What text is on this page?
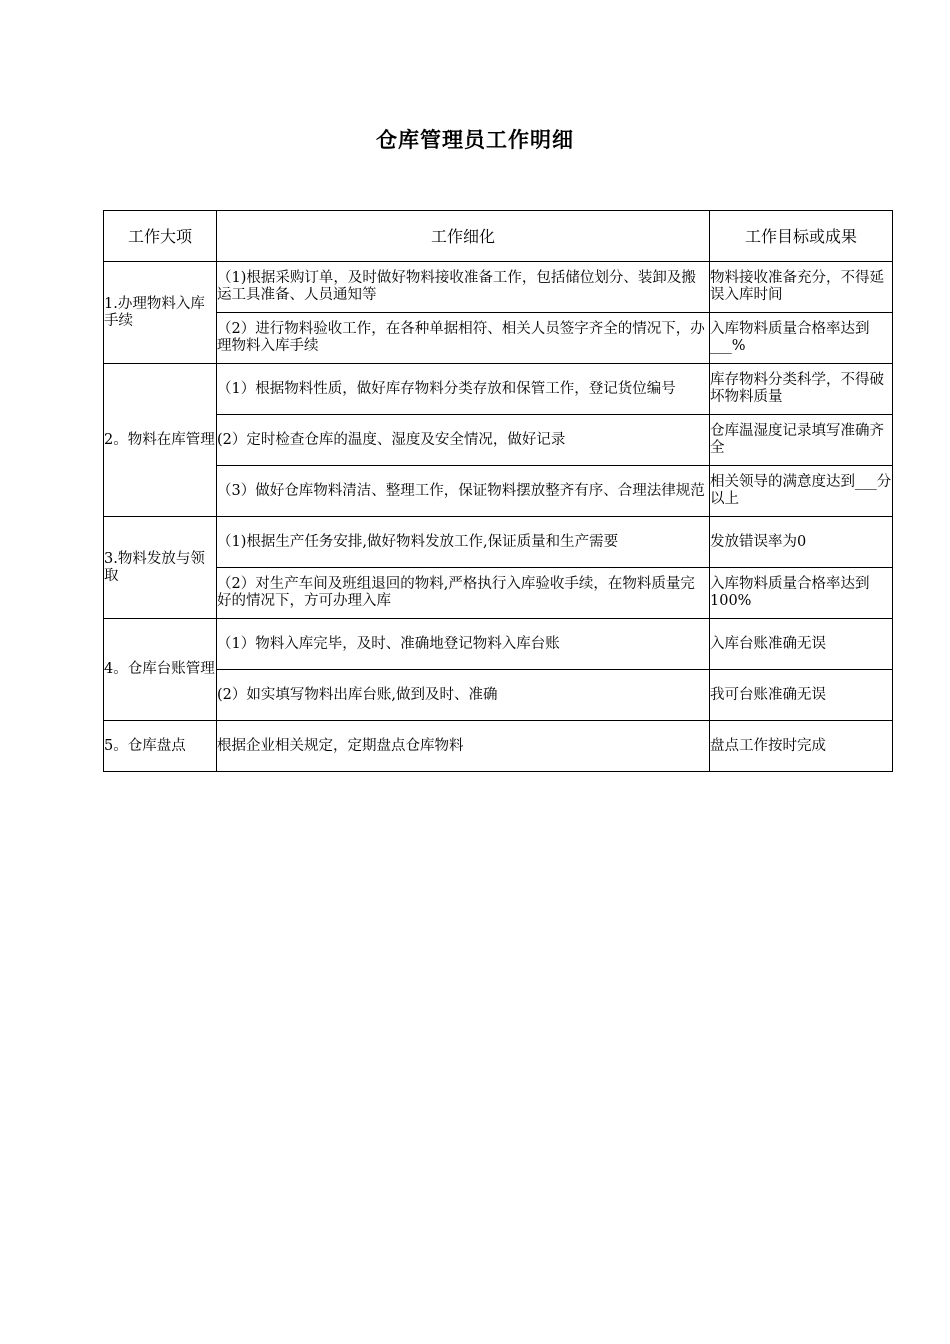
仓库管理员工作明细
工作大项	工作细化	工作目标或成果
1.办理物料入库手续	（1)根据采购订单，及时做好物料接收准备工作，包括储位划分、装卸及搬运工具准备、人员通知等	物料接收准备充分，不得延误入库时间
	（2）进行物料验收工作，在各种单据相符、相关人员签字齐全的情况下，办理物料入库手续	入库物料质量合格率达到___%
2。物料在库管理	（1）根据物料性质，做好库存物料分类存放和保管工作，登记货位编号	库存物料分类科学，不得破坏物料质量
	(2）定时检查仓库的温度、湿度及安全情况，做好记录	仓库温湿度记录填写准确齐全
	（3）做好仓库物料清洁、整理工作，保证物料摆放整齐有序、合理法律规范	相关领导的满意度达到___分以上
3.物料发放与领取	（1)根据生产任务安排,做好物料发放工作,保证质量和生产需要	发放错误率为0
	（2）对生产车间及班组退回的物料,严格执行入库验收手续，在物料质量完好的情况下，方可办理入库	入库物料质量合格率达到100%
4。仓库台账管理	（1）物料入库完毕，及时、准确地登记物料入库台账	入库台账准确无误
	(2）如实填写物料出库台账,做到及时、准确	我可台账准确无误
5。仓库盘点	根据企业相关规定，定期盘点仓库物料	盘点工作按时完成
